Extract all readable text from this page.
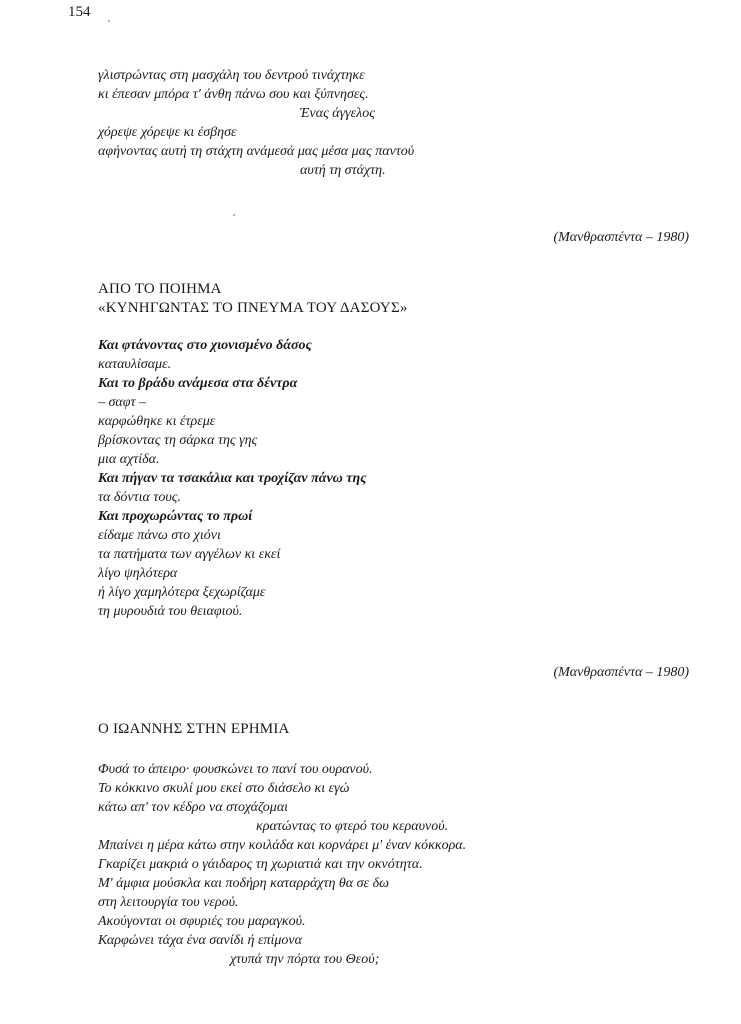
154
γλιστρώντας στη μασχάλη του δεντρού τινάχτηκε
κι έπεσαν μπόρα τ' άνθη πάνω σου και ξύπνησες.
Ένας άγγελος
χόρεψε χόρεψε κι έσβησε
αφήνοντας αυτή τη στάχτη ανάμεσά μας μέσα μας παντού
αυτή τη στάχτη.
(Μανθρασπέντα – 1980)
ΑΠΟ ΤΟ ΠΟΙΗΜΑ
«ΚΥΝΗΓΩΝΤΑΣ ΤΟ ΠΝΕΥΜΑ ΤΟΥ ΔΑΣΟΥΣ»
Και φτάνοντας στο χιονισμένο δάσος
καταυλίσαμε.
Και το βράδυ ανάμεσα στα δέντρα
– σαφτ –
καρφώθηκε κι έτρεμε
βρίσκοντας τη σάρκα της γης
μια αχτίδα.
Και πήγαν τα τσακάλια και τροχίζαν πάνω της
τα δόντια τους.
Και προχωρώντας το πρωί
είδαμε πάνω στο χιόνι
τα πατήματα των αγγέλων κι εκεί
λίγο ψηλότερα
ή λίγο χαμηλότερα ξεχωρίζαμε
τη μυρουδιά του θειαφιού.
(Μανθρασπέντα – 1980)
Ο ΙΩΑΝΝΗΣ ΣΤΗΝ ΕΡΗΜΙΑ
Φυσά το άπειρο· φουσκώνει το πανί του ουρανού.
Το κόκκινο σκυλί μου εκεί στο διάσελο κι εγώ
κάτω απ' τον κέδρο να στοχάζομαι
κρατώντας το φτερό του κεραυνού.
Μπαίνει η μέρα κάτω στην κοιλάδα και κορνάρει μ' έναν κόκκορα.
Γκαρίζει μακριά ο γάιδαρος τη χωριατιά και την οκνότητα.
Μ' άμφια μούσκλα και ποδήρη καταρράχτη θα σε δω
στη λειτουργία του νερού.
Ακούγονται οι σφυριές του μαραγκού.
Καρφώνει τάχα ένα σανίδι ή επίμονα
χτυπά την πόρτα του Θεού;
